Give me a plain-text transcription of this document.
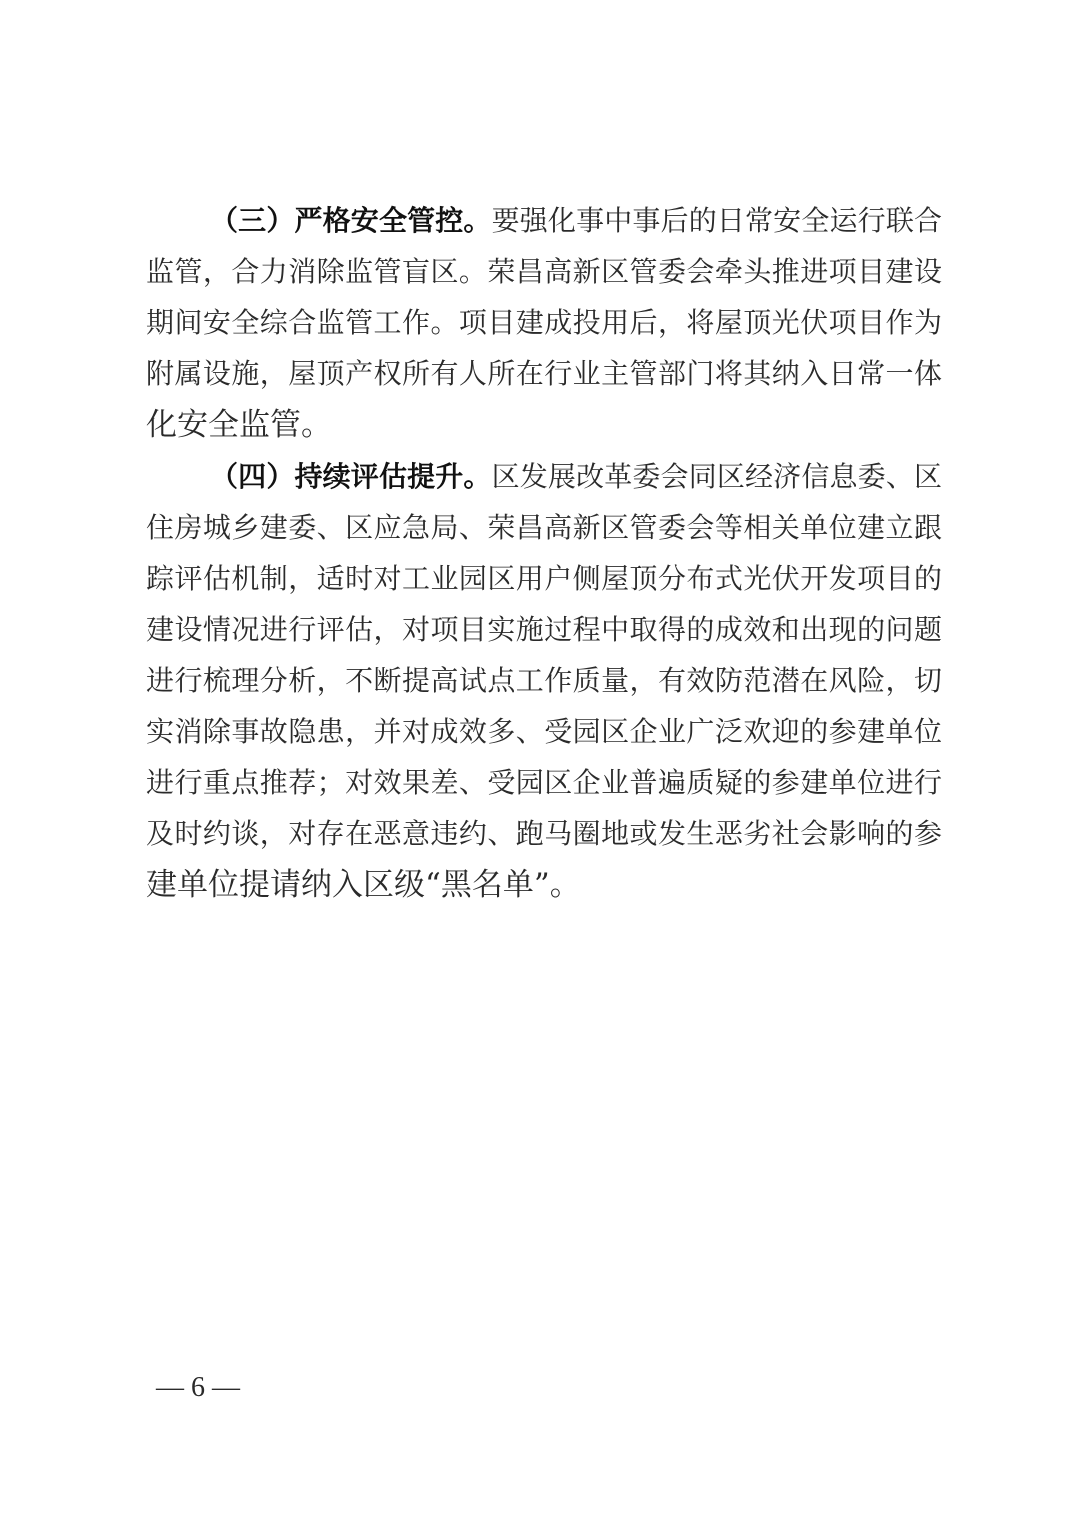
（三）严格安全管控。要强化事中事后的日常安全运行联合
监管，合力消除监管盲区。荣昌高新区管委会牵头推进项目建设
期间安全综合监管工作。项目建成投用后，将屋顶光伏项目作为
附属设施，屋顶产权所有人所在行业主管部门将其纳入日常一体
化安全监管。
（四）持续评估提升。区发展改革委会同区经济信息委、区
住房城乡建委、区应急局、荣昌高新区管委会等相关单位建立跟
踪评估机制，适时对工业园区用户侧屋顶分布式光伏开发项目的
建设情况进行评估，对项目实施过程中取得的成效和出现的问题
进行梳理分析，不断提高试点工作质量，有效防范潜在风险，切
实消除事故隐患，并对成效多、受园区企业广泛欢迎的参建单位
进行重点推荐；对效果差、受园区企业普遍质疑的参建单位进行
及时约谈，对存在恶意违约、跑马圈地或发生恶劣社会影响的参
建单位提请纳入区级“黑名单”。
— 6 —
